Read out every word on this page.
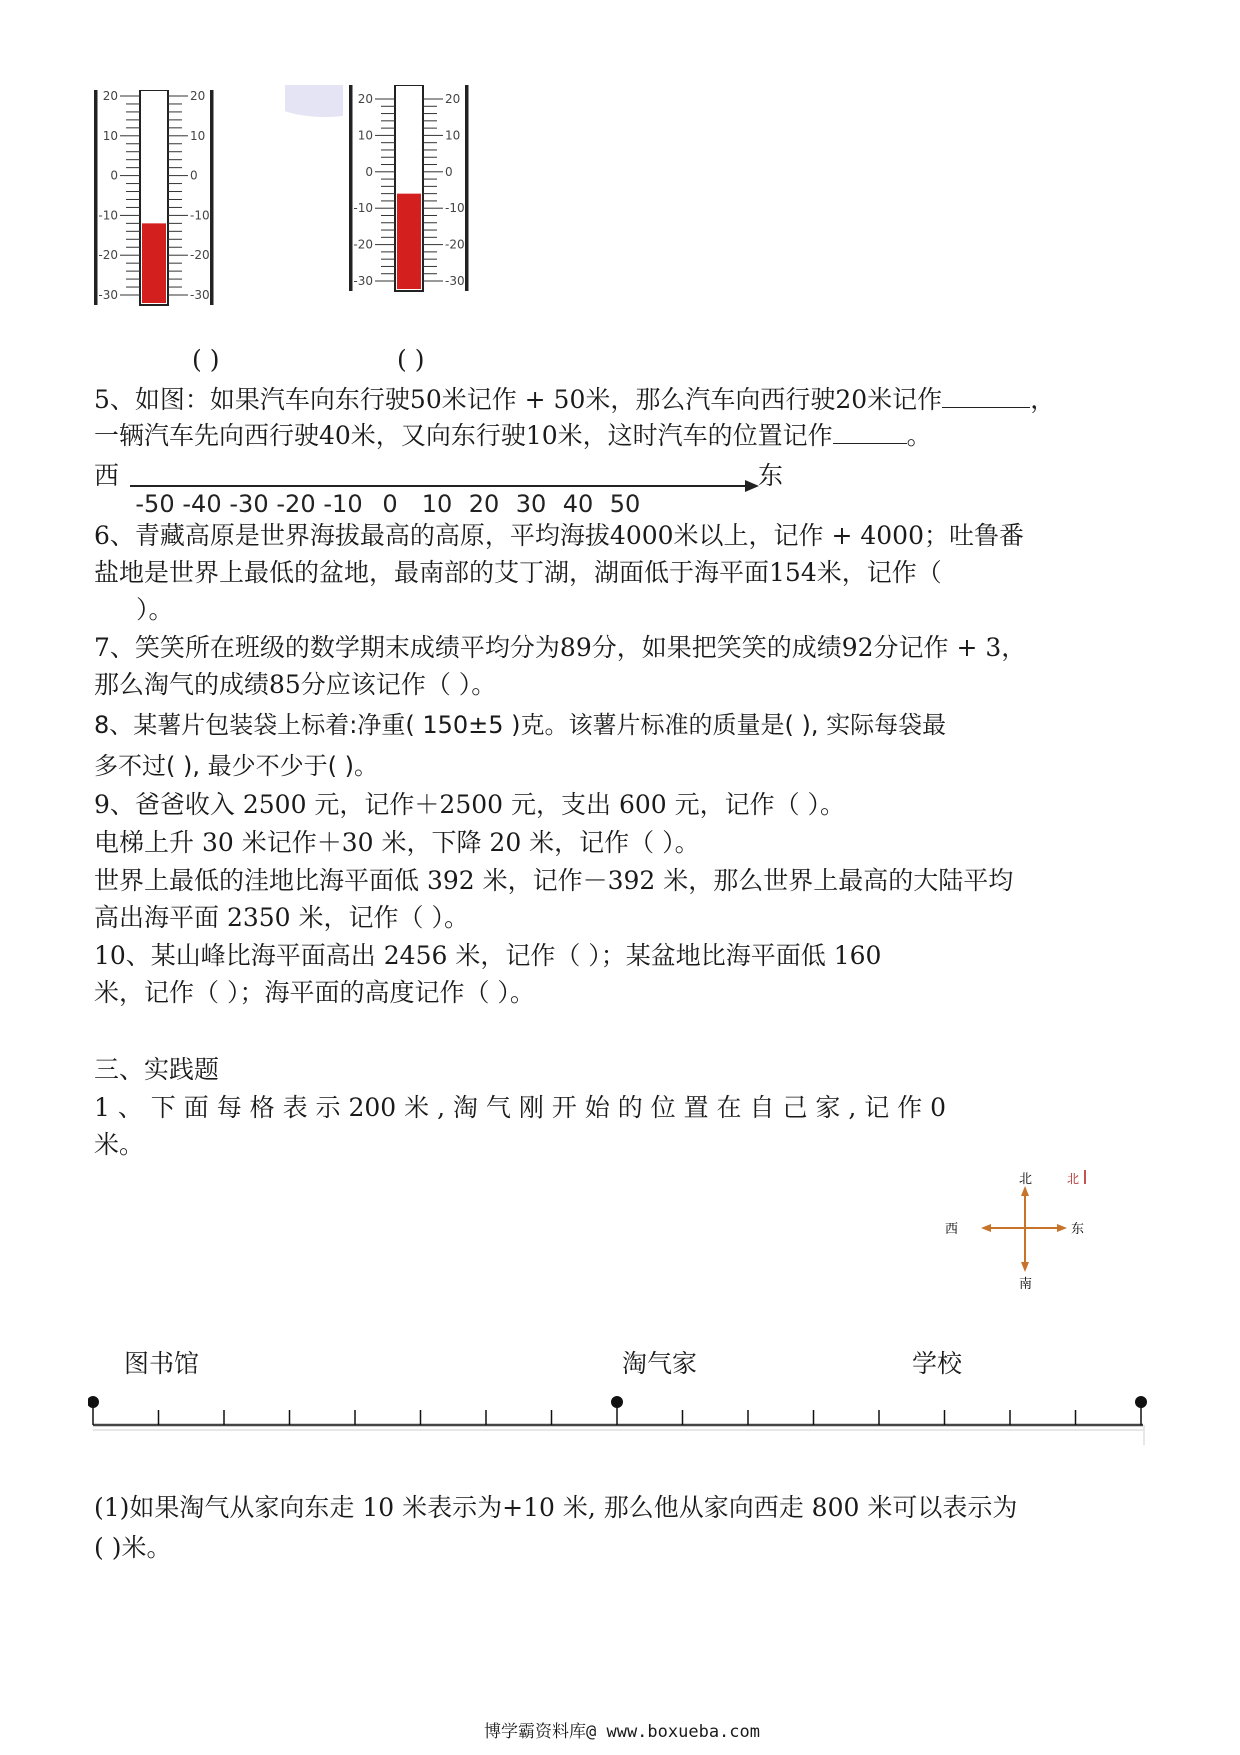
20
10
0
-10
-20
-30
20
10
0
-10
-20
-30
20
10
0
-10
-20
-30
20
10
0
-10
-20
-30
( )	( )
5、如图：如果汽车向东行驶50米记作 + 50米，那么汽车向西行驶20米记作	，
一辆汽车先向西行驶40米，又向东行驶10米，这时汽车的位置记作	。
西	东
-50 -40 -30 -20 -10 0 10 20 30 40 50
6、青藏高原是世界海拔最高的高原，平均海拔4000米以上，记作 + 4000；吐鲁番
盐地是世界上最低的盆地，最南部的艾丁湖，湖面低于海平面154米，记作（
）。
7、笑笑所在班级的数学期末成绩平均分为89分，如果把笑笑的成绩92分记作 + 3，
那么淘气的成绩85分应该记作（ ）。
8、某薯片包装袋上标着:净重( 150±5 )克。该薯片标准的质量是( ), 实际每袋最
多不过( ), 最少不少于( )。
9、爸爸收入 2500 元，记作＋2500 元，支出 600 元，记作（ ）。
电梯上升 30 米记作＋30 米，下降 20 米，记作（ ）。
世界上最低的洼地比海平面低 392 米，记作－392 米，那么世界上最高的大陆平均
高出海平面 2350 米，记作（ ）。
10、某山峰比海平面高出 2456 米，记作（ ）；某盆地比海平面低 160
米，记作（ ）；海平面的高度记作（ ）。
三、实践题
1 、 下 面 每 格 表 示 200 米 , 淘 气 刚 开 始 的 位 置 在 自 己 家 , 记 作 0
米。
北
南
西	东
北
图书馆	淘气家	学校
(1)如果淘气从家向东走 10 米表示为+10 米, 那么他从家向西走 800 米可以表示为
( )米。
博学霸资料库@ www.boxueba.com
